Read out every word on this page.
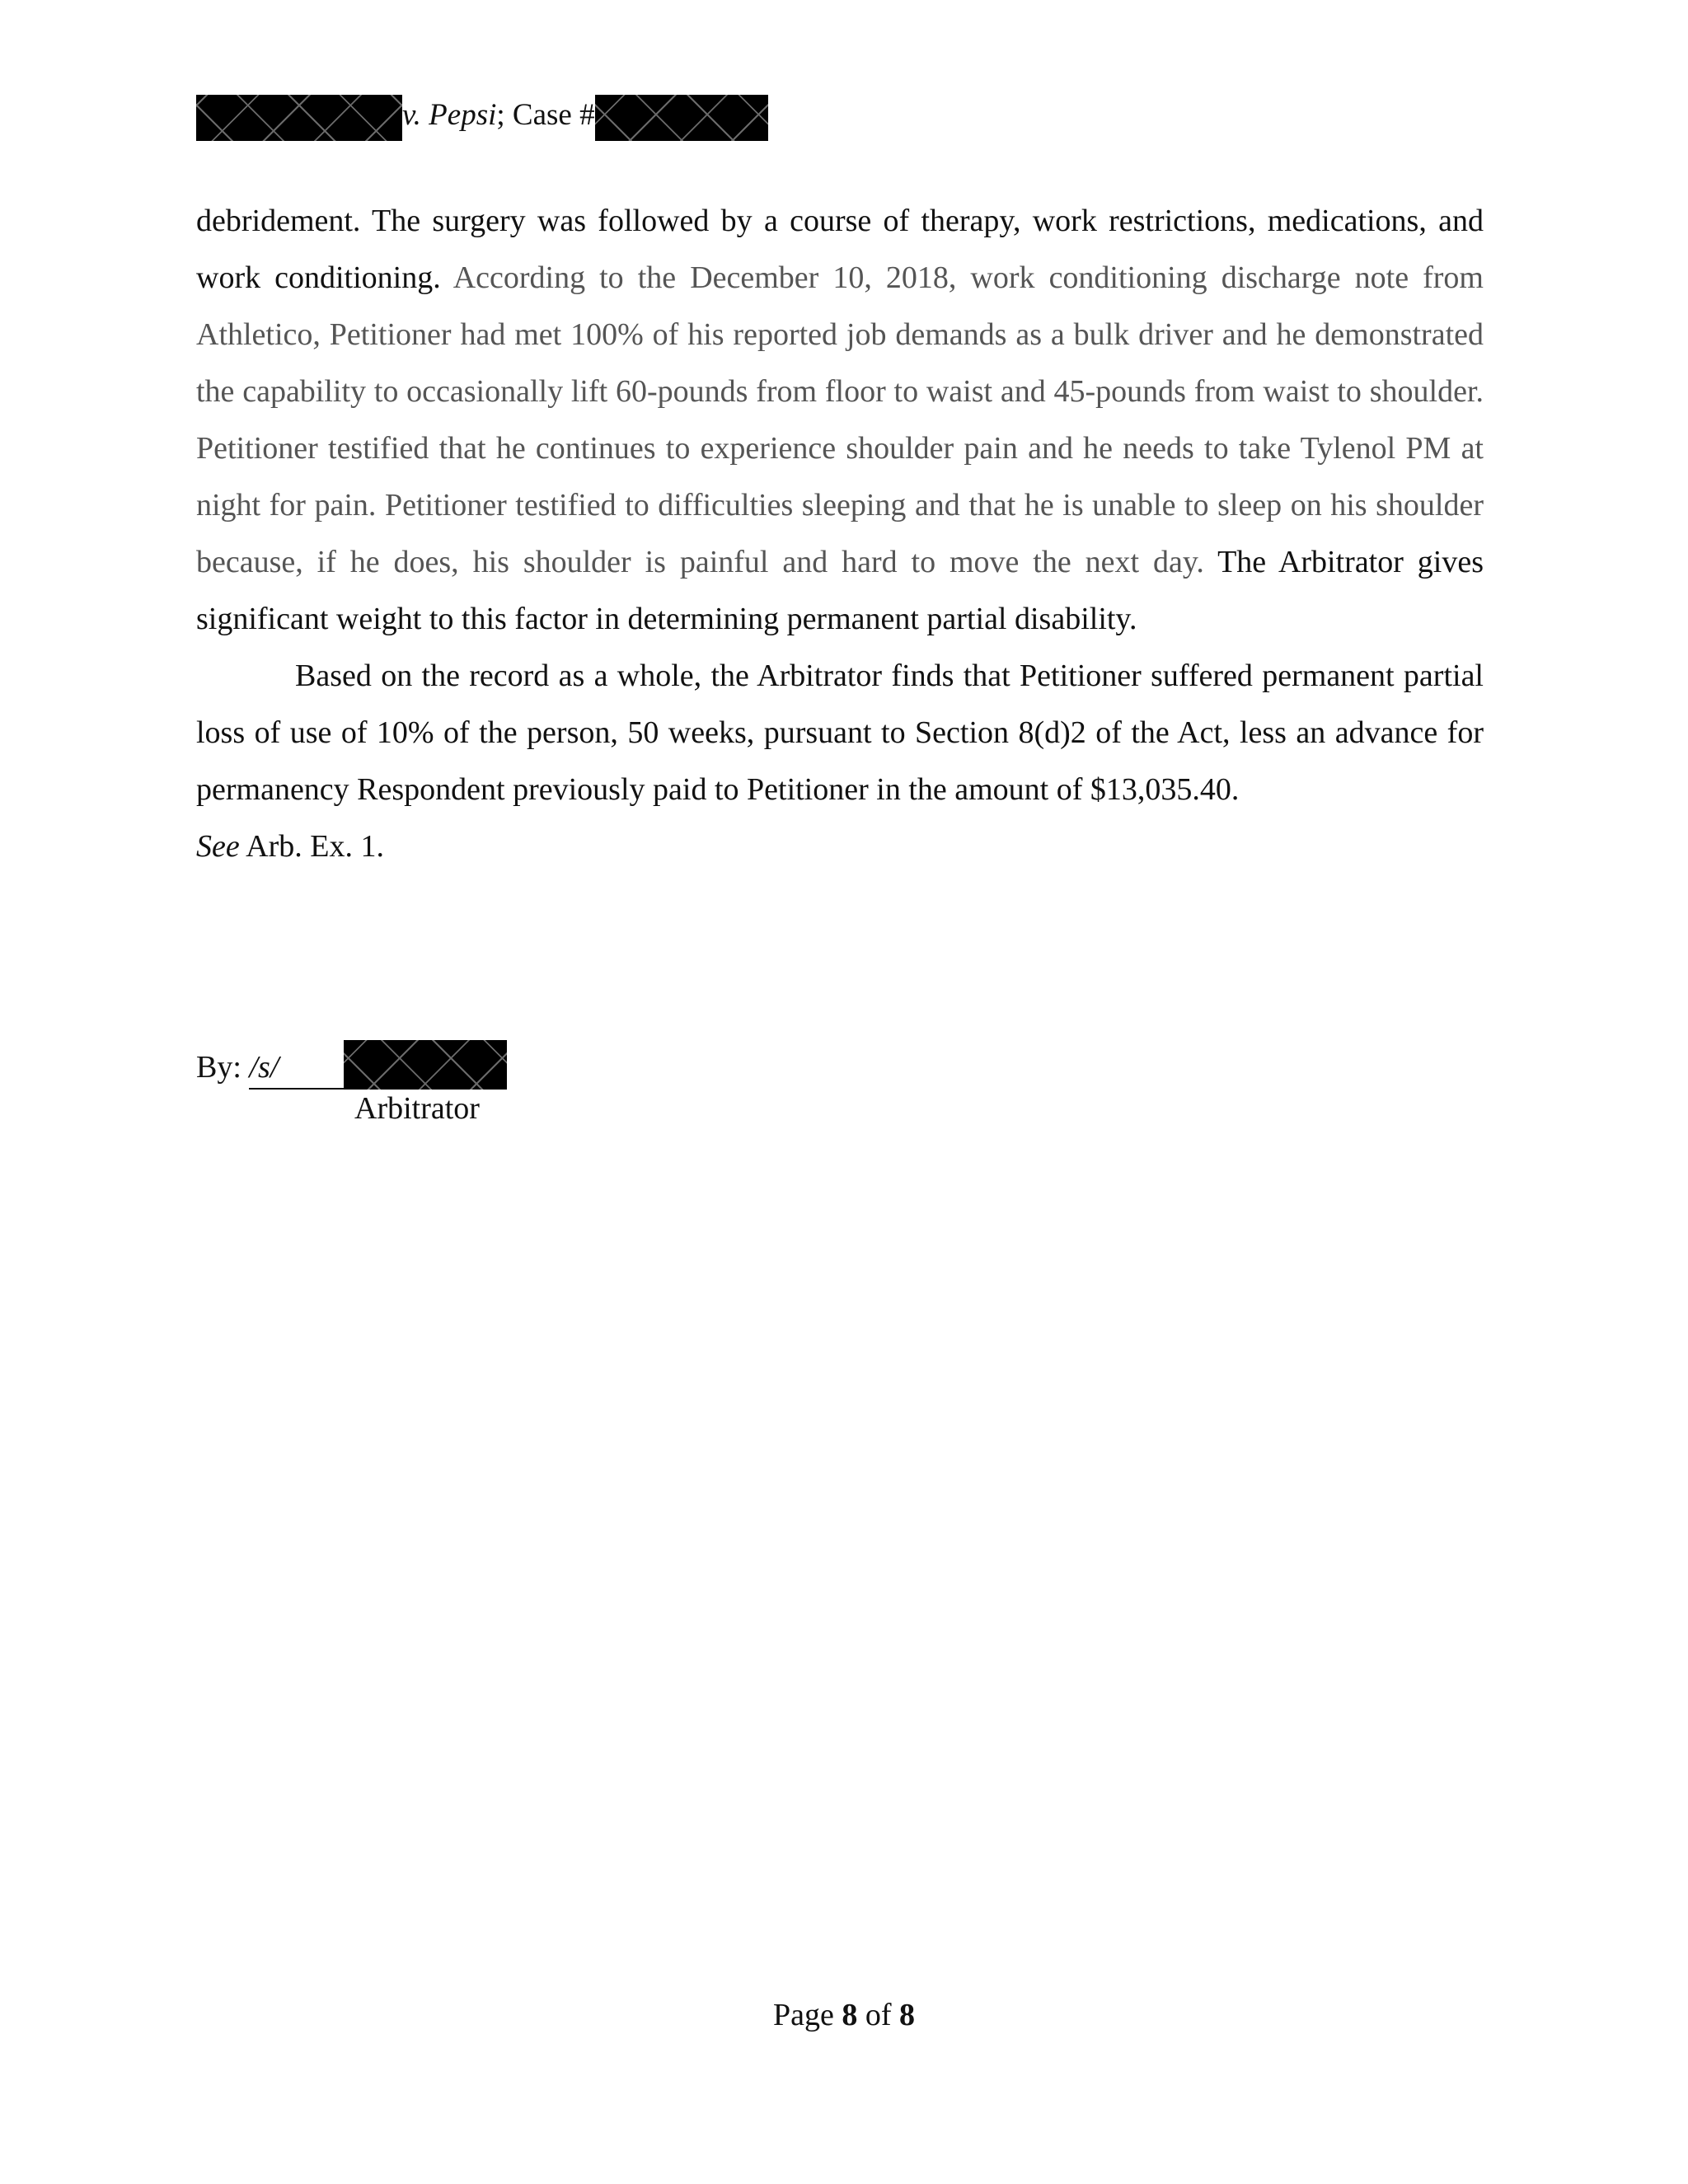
v. Pepsi; Case #

debridement. The surgery was followed by a course of therapy, work restrictions, medications, and work conditioning. According to the December 10, 2018, work conditioning discharge note from Athletico, Petitioner had met 100% of his reported job demands as a bulk driver and he demonstrated the capability to occasionally lift 60-pounds from floor to waist and 45-pounds from waist to shoulder. Petitioner testified that he continues to experience shoulder pain and he needs to take Tylenol PM at night for pain. Petitioner testified to difficulties sleeping and that he is unable to sleep on his shoulder because, if he does, his shoulder is painful and hard to move the next day. The Arbitrator gives significant weight to this factor in determining permanent partial disability.

Based on the record as a whole, the Arbitrator finds that Petitioner suffered permanent partial loss of use of 10% of the person, 50 weeks, pursuant to Section 8(d)2 of the Act, less an advance for permanency Respondent previously paid to Petitioner in the amount of $13,035.40.
See Arb. Ex. 1.

By: /s/
Arbitrator
Page 8 of 8
